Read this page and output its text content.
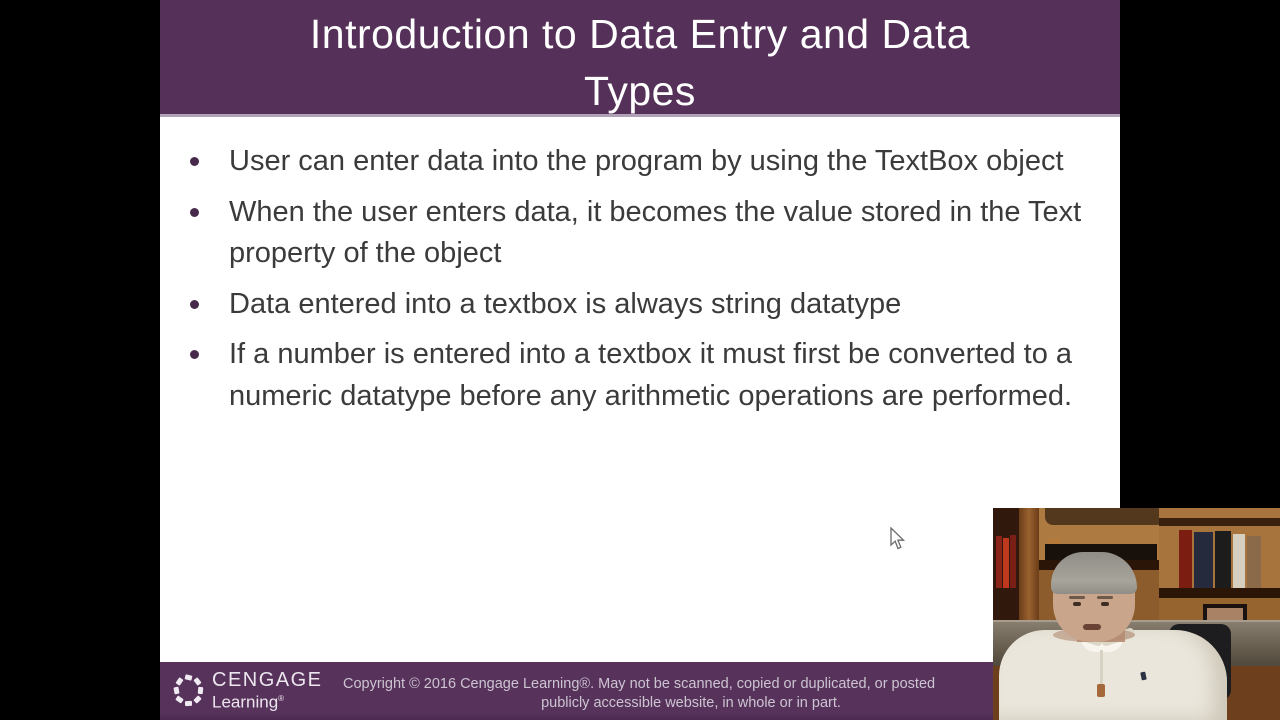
Introduction to Data Entry and Data
Types
User can enter data into the program by using the TextBox object
When the user enters data, it becomes the value stored in the Text property of the object
Data entered into a textbox is always string datatype
If a number is entered into a textbox it must first be converted to a numeric datatype before any arithmetic operations are performed.
CENGAGE
Learning®
Copyright © 2016 Cengage Learning®. May not be scanned, copied or duplicated, or posted
publicly accessible website, in whole or in part.
